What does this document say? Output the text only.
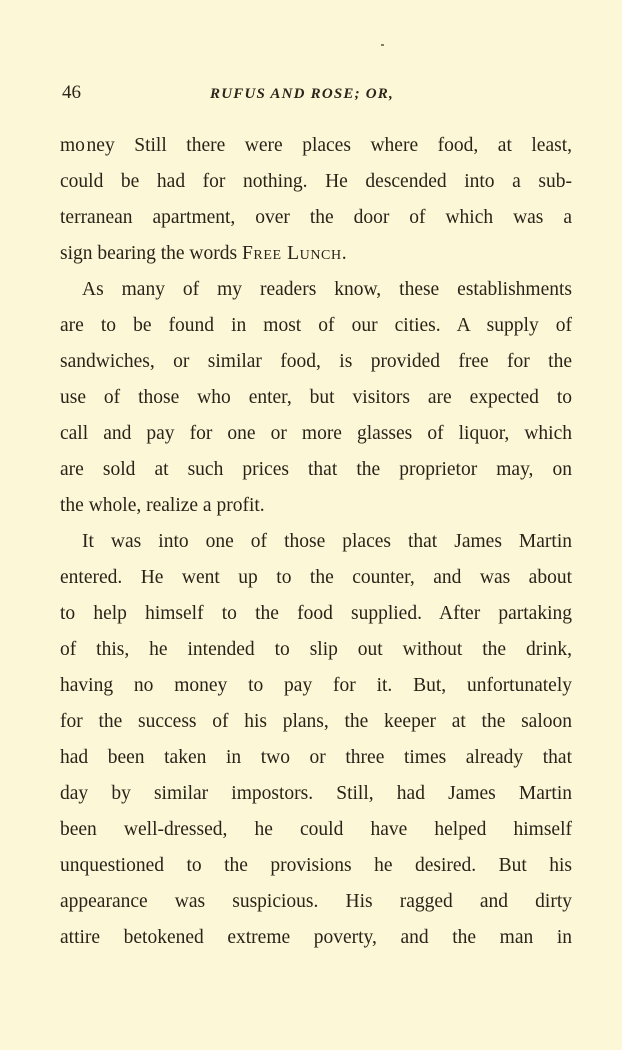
46	RUFUS AND ROSE; OR,

mo ney Still there were places where food, at least,

could be had for nothing. He descended into a sub-

terranean apartment, over the door of which was a

sign bearing the words Free Lunch.

As many of my readers know, these establishments

are to be found in most of our cities. A supply of

sandwiches, or similar food, is provided free for the

use of those who enter, but visitors are expected to

call and pay for one or more glasses of liquor, which

are sold at such prices that the proprietor may, on

the whole, realize a profit.

It was into one of those places that James Martin

entered. He went up to the counter, and was about

to help himself to the food supplied. After partaking

of this, he intended to slip out without the drink,

having no money to pay for it. But, unfortunately

for the success of his plans, the keeper at the saloon

had been taken in two or three times already that

day by similar impostors. Still, had James Martin

been well-dressed, he could have helped himself

unquestioned to the provisions he desired. But his

appearance was suspicious. His ragged and dirty

attire betokened extreme poverty, and the man in
